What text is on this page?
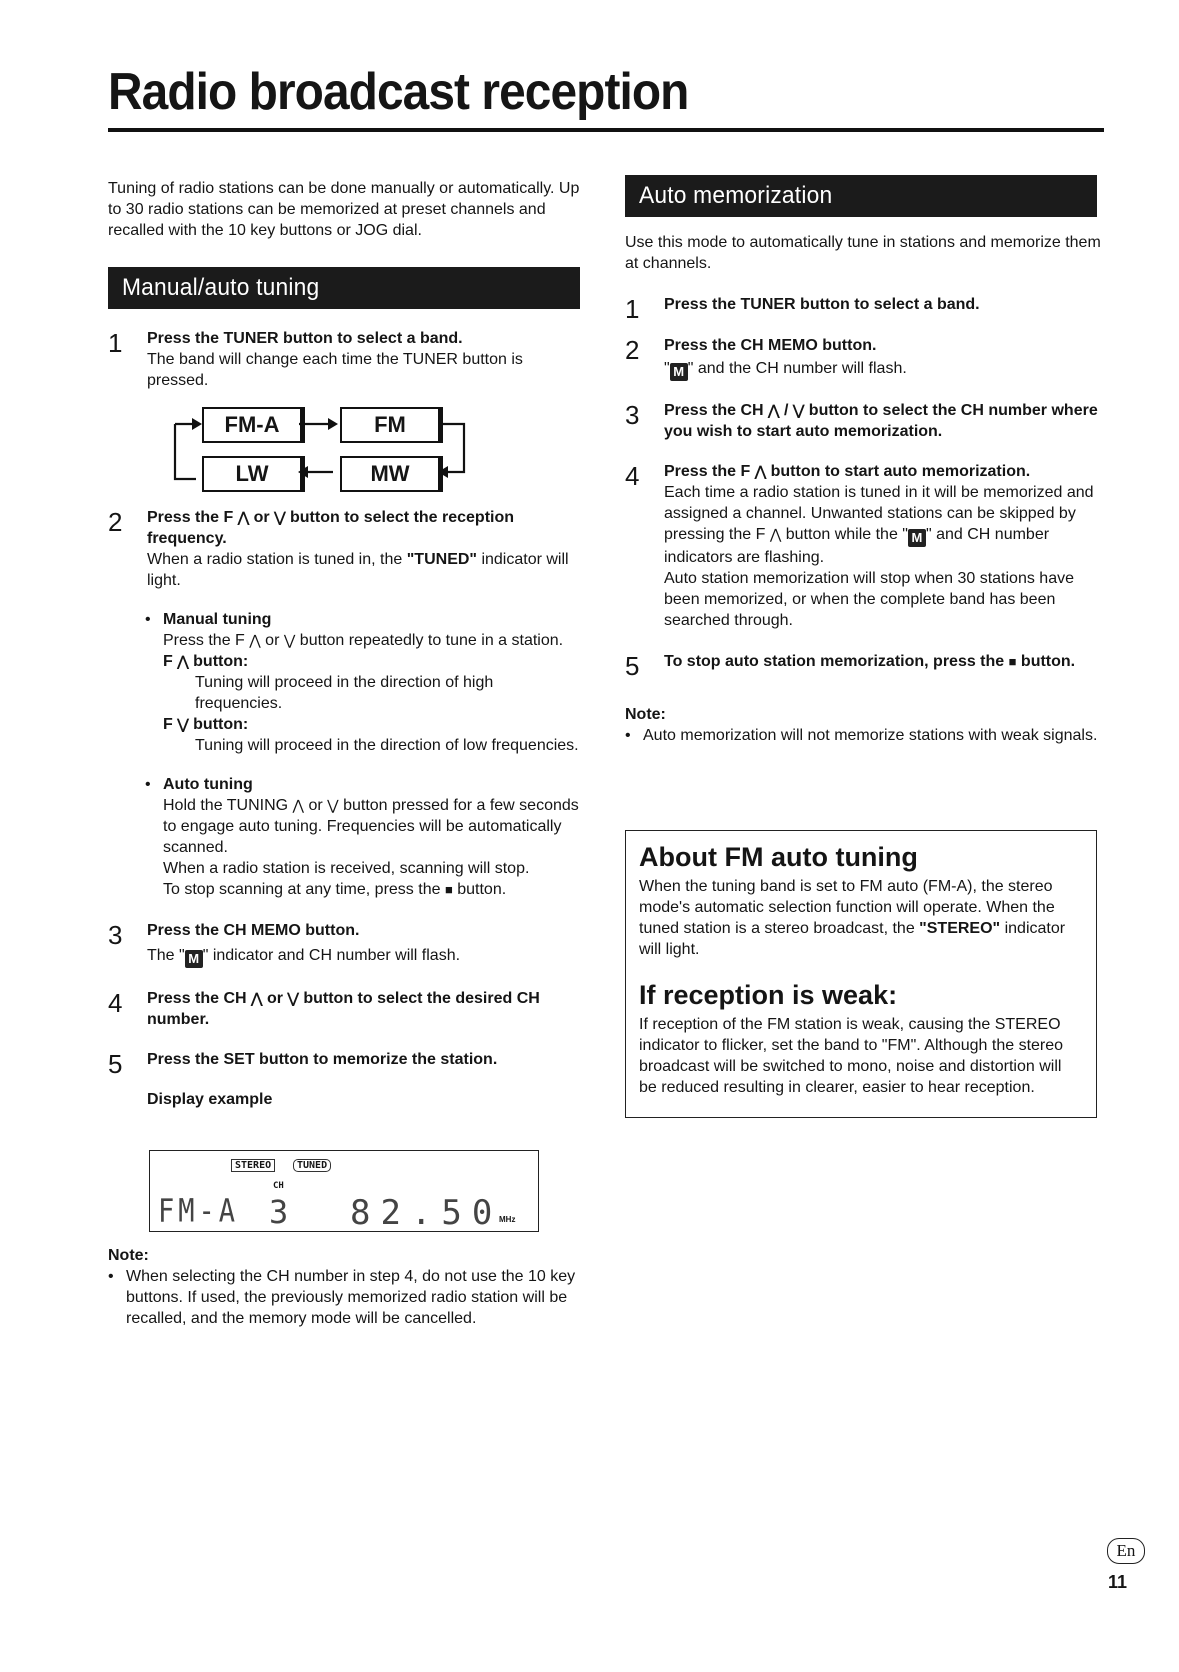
Radio broadcast reception

Tuning of radio stations can be done manually or automatically. Up to 30 radio stations can be memorized at preset channels and recalled with the 10 key buttons or JOG dial.

Manual/auto tuning
1 Press the TUNER button to select a band.

The band will change each time the TUNER button is pressed.

FM-A	FM
LW	MW
2 Press the F ⋀ or ⋁ button to select the reception frequency.

When a radio station is tuned in, the "TUNED" indicator will light.

• Manual tuning

Press the F ⋀ or ⋁ button repeatedly to tune in a station.

F ⋀ button:

Tuning will proceed in the direction of high frequencies.

F ⋁ button:

Tuning will proceed in the direction of low frequencies.

• Auto tuning

Hold the TUNING ⋀ or ⋁ button pressed for a few seconds to engage auto tuning. Frequencies will be automatically scanned.

When a radio station is received, scanning will stop.

To stop scanning at any time, press the ■ button.

3 Press the CH MEMO button.

The " M " indicator and CH number will flash.

4 Press the CH ⋀ or ⋁ button to select the desired CH number.

5 Press the SET button to memorize the station.

Display example

STEREO	TUNED
CH
FM-A 3 82.50
MHz

Note:

• When selecting the CH number in step 4, do not use the 10 key buttons. If used, the previously memorized radio station will be recalled, and the memory mode will be cancelled.

Auto memorization

Use this mode to automatically tune in stations and memorize them at channels.

1 Press the TUNER button to select a band.

2 Press the CH MEMO button.

" M " and the CH number will flash.

3 Press the CH ⋀ / ⋁ button to select the CH number where you wish to start auto memorization.

4 Press the F ⋀ button to start auto memorization.

Each time a radio station is tuned in it will be memorized and assigned a channel. Unwanted stations can be skipped by pressing the F ⋀ button while the " M " and CH number indicators are flashing.

Auto station memorization will stop when 30 stations have been memorized, or when the complete band has been searched through.

5 To stop auto station memorization, press the ■ button.

Note:

• Auto memorization will not memorize stations with weak signals.

About FM auto tuning

When the tuning band is set to FM auto (FM-A), the stereo mode's automatic selection function will operate. When the tuned station is a stereo broadcast, the "STEREO" indicator will light.

If reception is weak:

If reception of the FM station is weak, causing the STEREO indicator to flicker, set the band to "FM". Although the stereo broadcast will be switched to mono, noise and distortion will be reduced resulting in clearer, easier to hear reception.

En
11
